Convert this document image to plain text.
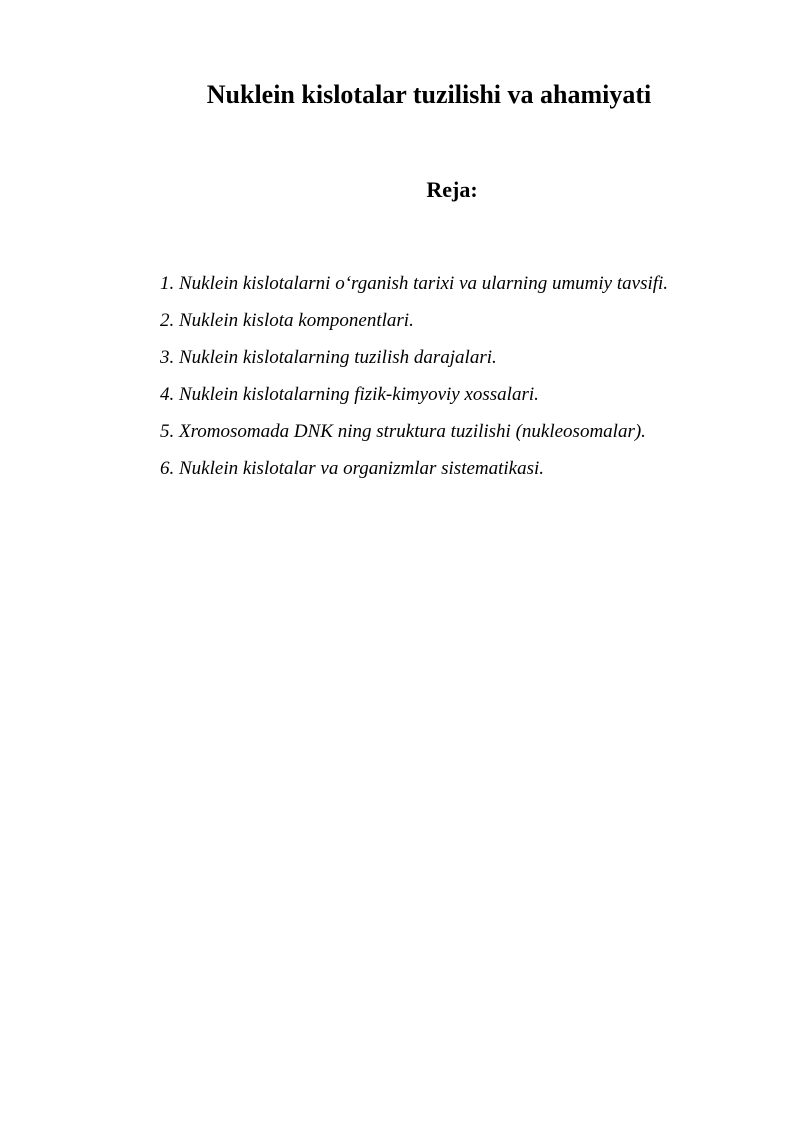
Nuklein kislotalar tuzilishi va ahamiyati
Reja:
1. Nuklein kislotalarni o‘rganish tarixi va ularning umumiy tavsifi.
2. Nuklein kislota komponentlari.
3. Nuklein kislotalarning tuzilish darajalari.
4. Nuklein kislotalarning fizik-kimyoviy xossalari.
5. Xromosomada DNK ning struktura tuzilishi (nukleosomalar).
6. Nuklein kislotalar va organizmlar sistematikasi.
